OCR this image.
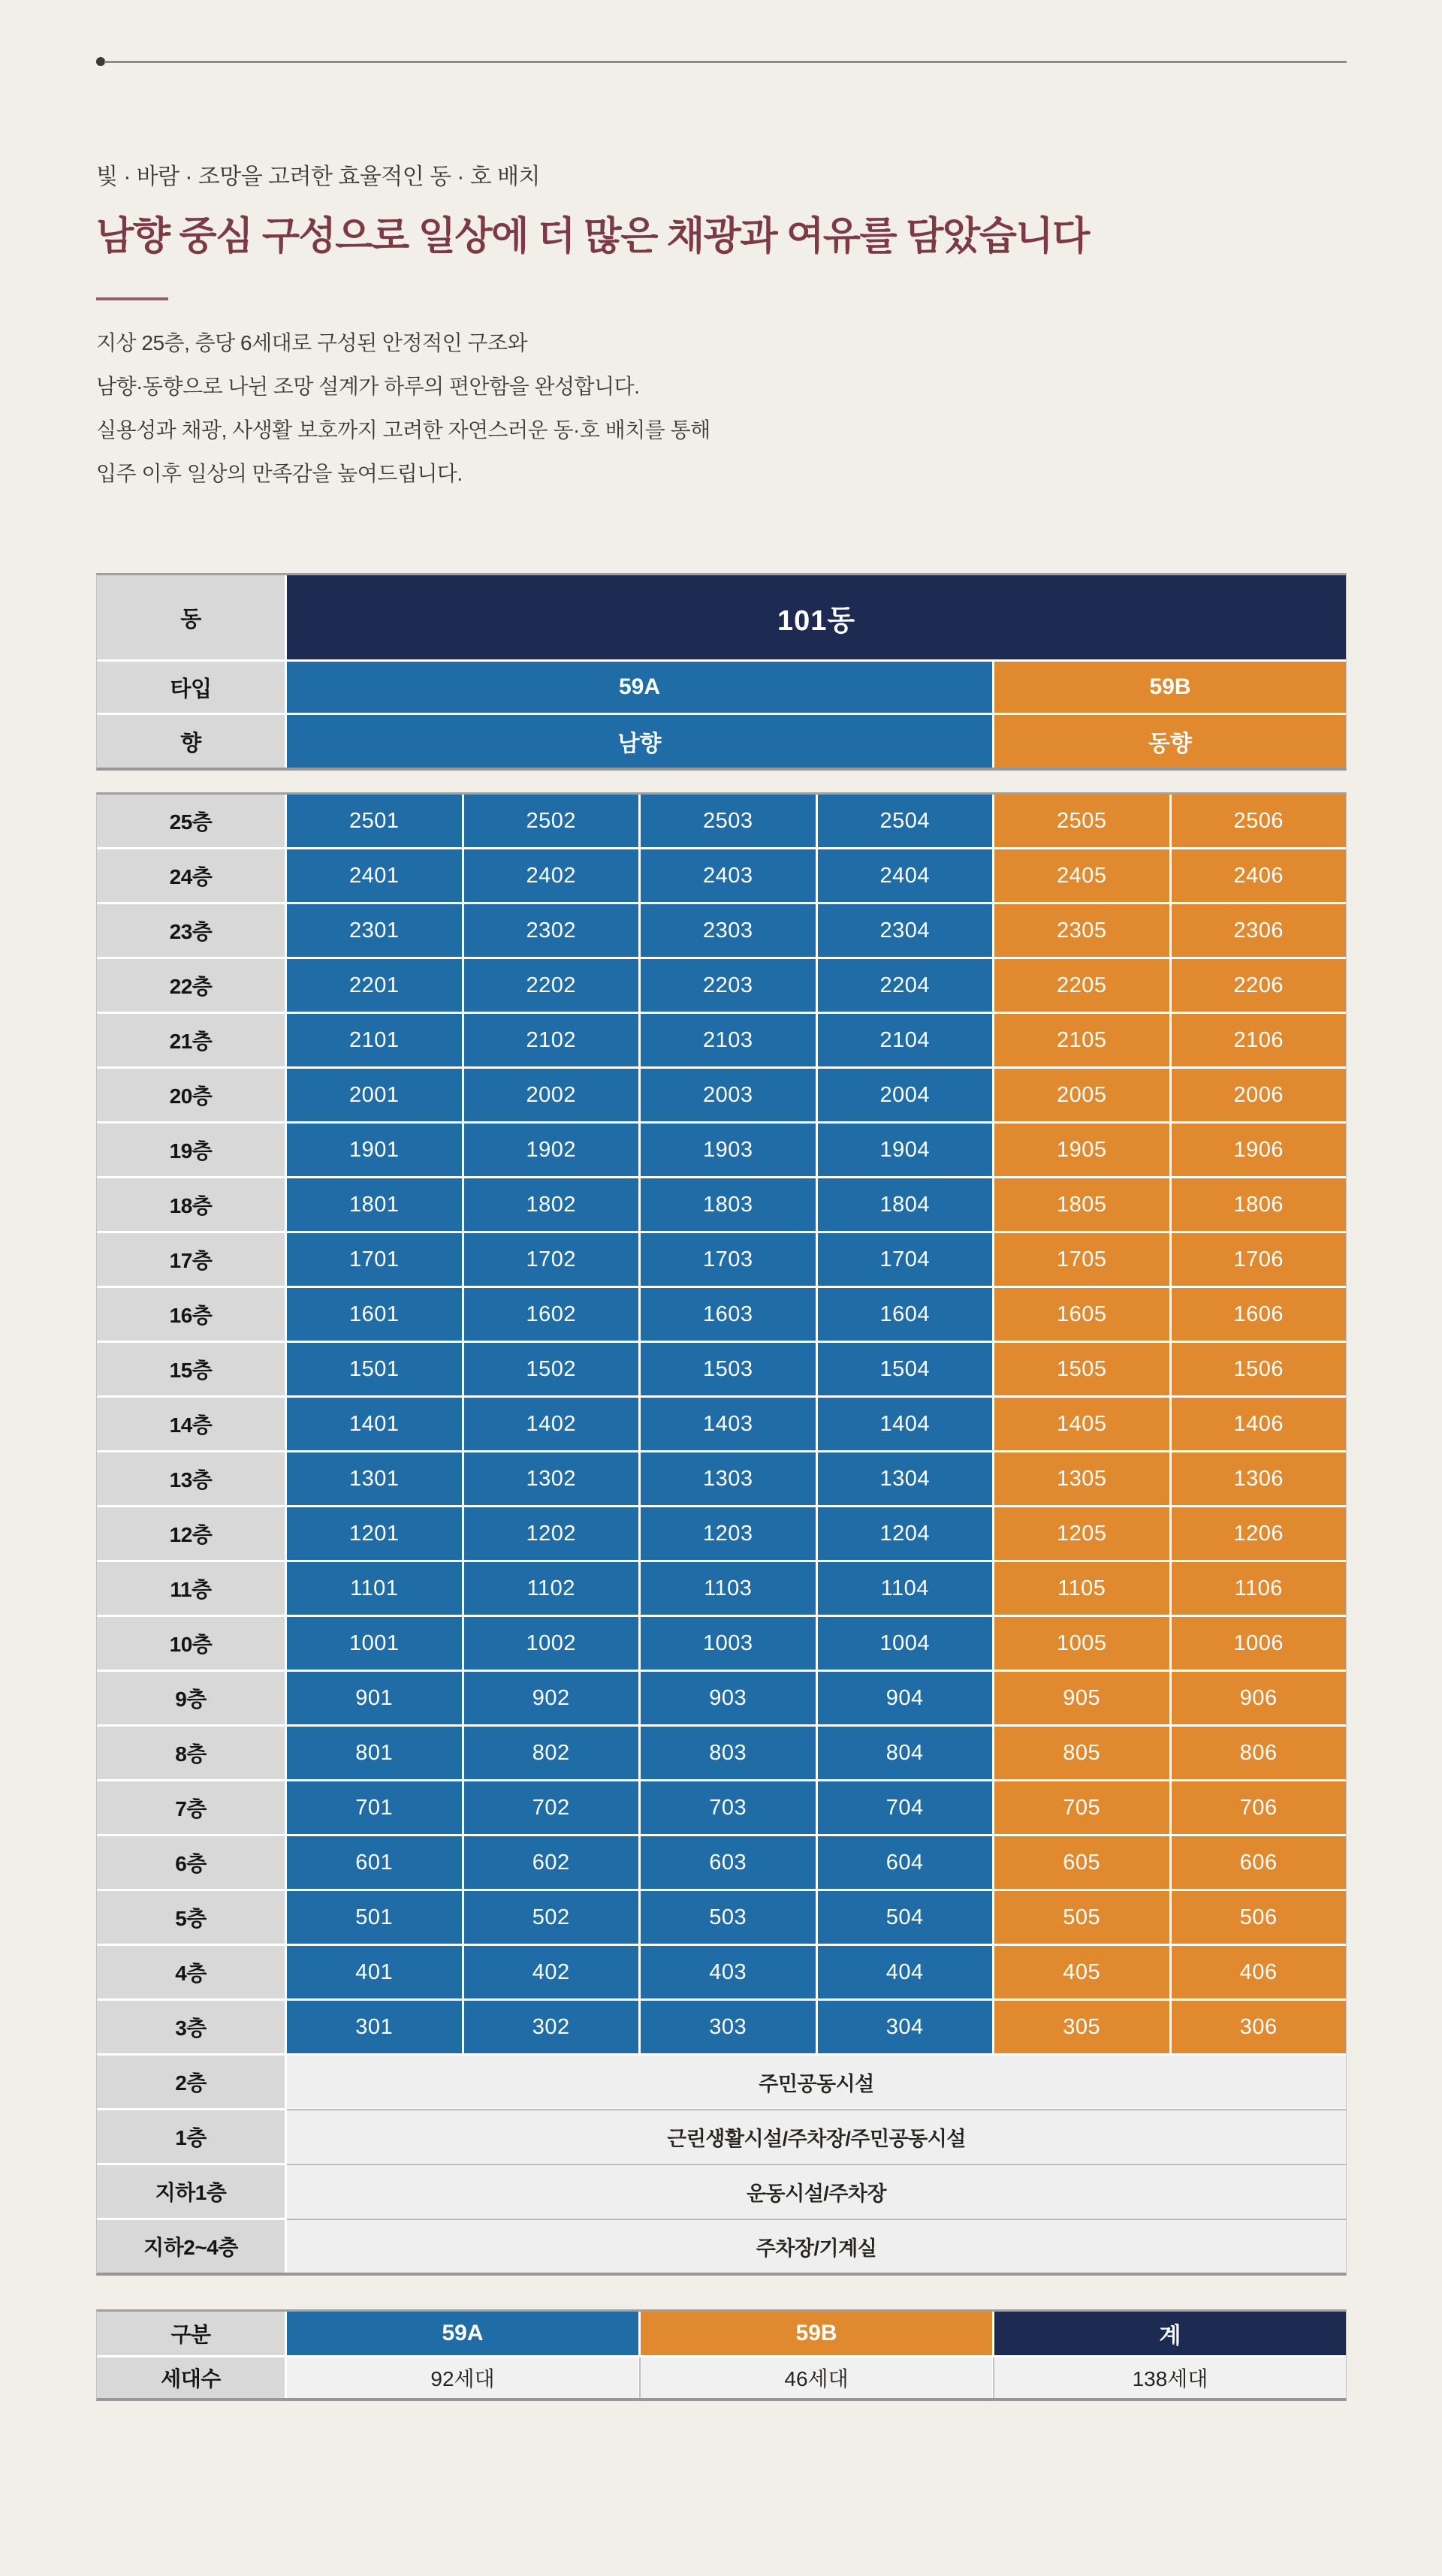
빛 · 바람 · 조망을 고려한 효율적인 동 · 호 배치
남향 중심 구성으로 일상에 더 많은 채광과 여유를 담았습니다
지상 25층, 층당 6세대로 구성된 안정적인 구조와
남향·동향으로 나뉜 조망 설계가 하루의 편안함을 완성합니다.
실용성과 채광, 사생활 보호까지 고려한 자연스러운 동·호 배치를 통해
입주 이후 일상의 만족감을 높여드립니다.
동	101동
타입	59A	59B
향	남향	동향
25층	2501	2502	2503	2504	2505	2506
24층	2401	2402	2403	2404	2405	2406
23층	2301	2302	2303	2304	2305	2306
22층	2201	2202	2203	2204	2205	2206
21층	2101	2102	2103	2104	2105	2106
20층	2001	2002	2003	2004	2005	2006
19층	1901	1902	1903	1904	1905	1906
18층	1801	1802	1803	1804	1805	1806
17층	1701	1702	1703	1704	1705	1706
16층	1601	1602	1603	1604	1605	1606
15층	1501	1502	1503	1504	1505	1506
14층	1401	1402	1403	1404	1405	1406
13층	1301	1302	1303	1304	1305	1306
12층	1201	1202	1203	1204	1205	1206
11층	1101	1102	1103	1104	1105	1106
10층	1001	1002	1003	1004	1005	1006
9층	901	902	903	904	905	906
8층	801	802	803	804	805	806
7층	701	702	703	704	705	706
6층	601	602	603	604	605	606
5층	501	502	503	504	505	506
4층	401	402	403	404	405	406
3층	301	302	303	304	305	306
2층	주민공동시설
1층	근린생활시설/주차장/주민공동시설
지하1층	운동시설/주차장
지하2~4층	주차장/기계실
구분	59A	59B	계
세대수	92세대	46세대	138세대
